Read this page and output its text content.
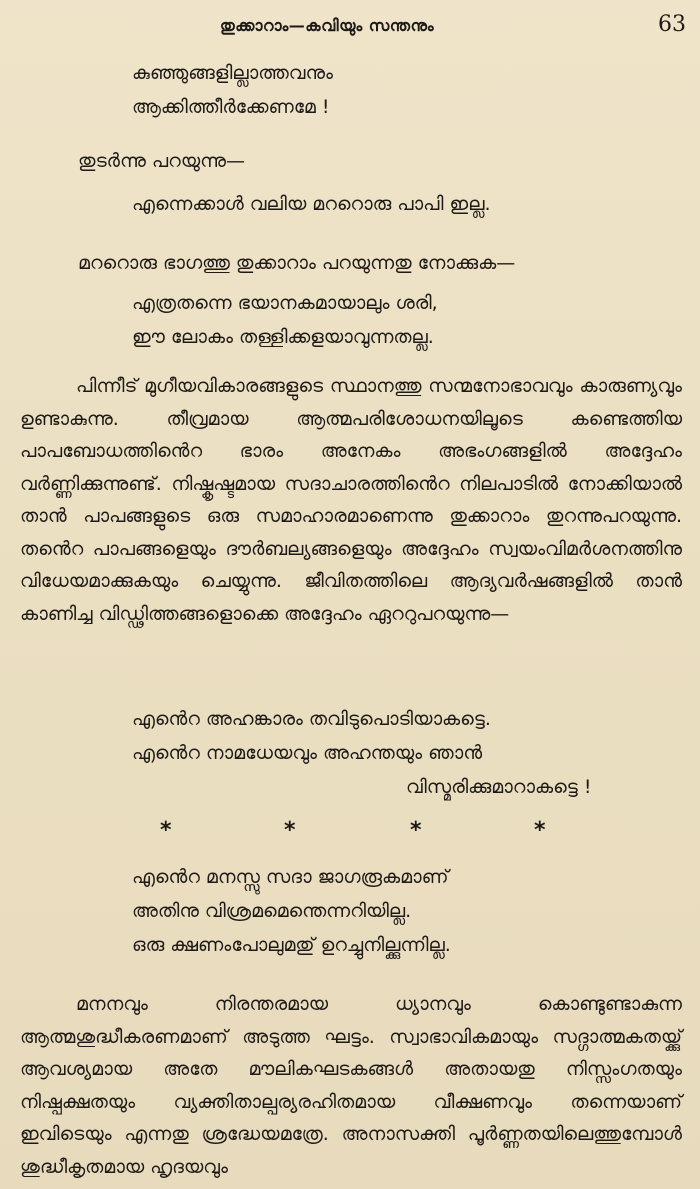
തുക്കാറാം—കവിയും സന്തനും	63
കുഞ്ഞുങ്ങളില്ലാത്തവനും
ആക്കിത്തീർക്കേണമേ !
തുടർന്നു പറയുന്നു—
എന്നെക്കാൾ വലിയ മററൊരു പാപി ഇല്ല.
മററൊരു ഭാഗത്തു തുക്കാറാം പറയുന്നതു നോക്കുക—
എത്രതന്നെ ഭയാനകമായാലും ശരി,
ഈ ലോകം തള്ളിക്കളയാവുന്നതല്ല.
പിന്നീട് മുഗീയവികാരങ്ങളുടെ സ്ഥാനത്തു സന്മനോഭാവവും കാരുണ്യവും ഉണ്ടാകുന്നു. തീവ്രമായ ആത്മപരിശോധനയിലൂടെ കണ്ടെത്തിയ പാപബോധത്തിൻെറ ഭാരം അനേകം അഭംഗങ്ങളിൽ അദ്ദേഹം വർണ്ണിക്കുന്നുണ്ട്. നിഷ്കൃഷ്ടമായ സദാചാരത്തിൻെറ നിലപാടിൽ നോക്കിയാൽ താൻ പാപങ്ങളുടെ ഒരു സമാഹാരമാണെന്നു തുക്കാറാം തുറന്നുപറയുന്നു. തൻെറ പാപങ്ങളെയും ദൗർബല്യങ്ങളെയും അദ്ദേഹം സ്വയംവിമർശനത്തിനു വിധേയമാക്കുകയും ചെയ്യുന്നു. ജീവിതത്തിലെ ആദ്യവർഷങ്ങളിൽ താൻ കാണിച്ച വിഡ്ഢിത്തങ്ങളൊക്കെ അദ്ദേഹം ഏററുപറയുന്നു—
എൻെറ അഹങ്കാരം തവിടുപൊടിയാകട്ടെ.
എൻെറ നാമധേയവും അഹന്തയും ഞാൻ
വിസ്മരിക്കുമാറാകട്ടെ !
*	*	*	*
എൻെറ മനസ്സു സദാ ജാഗരൂകമാണ്
അതിനു വിശ്രമമെന്തെന്നറിയില്ല.
ഒരു ക്ഷണംപോലുമതു് ഉറച്ചുനില്ക്കുന്നില്ല.
മനനവും നിരന്തരമായ ധ്യാനവും കൊണ്ടുണ്ടാകുന്ന ആത്മശുദ്ധീകരണമാണ് അടുത്ത ഘട്ടം. സ്വാഭാവികമായും സദ്ഗാത്മകതയ്ക്കു് ആവശ്യമായ അതേ മൗലികഘടകങ്ങൾ അതായതു നിസ്സംഗതയും നിഷ്പക്ഷതയും വ്യക്തിതാല്പര്യരഹിതമായ വീക്ഷണവും തന്നെയാണ് ഇവിടെയും എന്നതു ശ്രദ്ധേയമത്രേ. അനാസക്തി പൂർണ്ണതയിലെത്തുമ്പോൾ ശുദ്ധീകൃതമായ ഹൃദയവും
